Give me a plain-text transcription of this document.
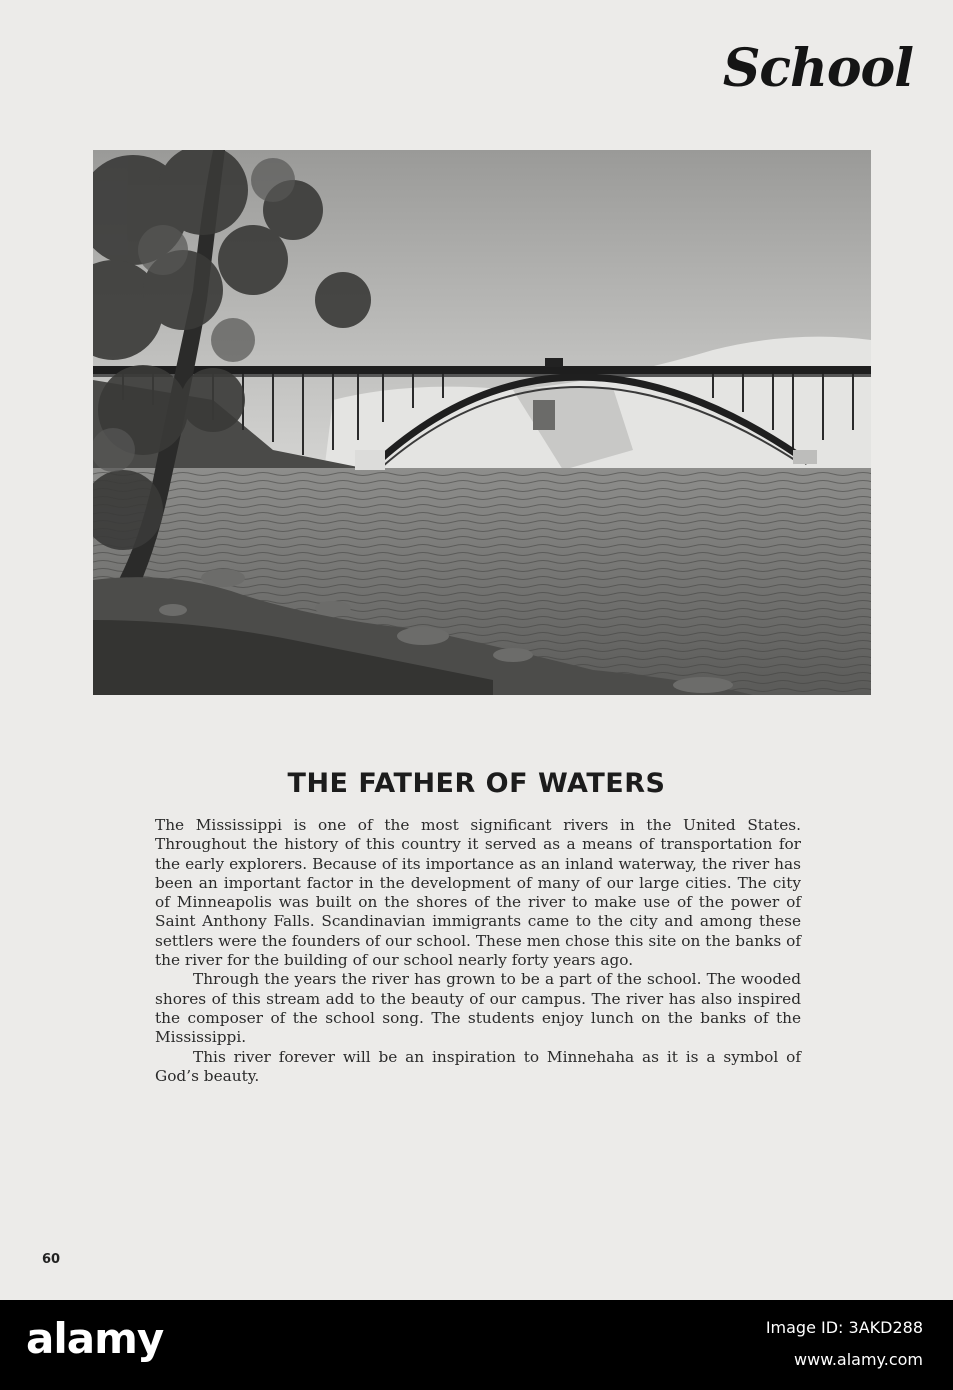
School
THE FATHER OF WATERS

The Mississippi is one of the most significant rivers in the United States. Throughout the history of this country it served as a means of transportation for the early explorers. Because of its importance as an inland waterway, the river has been an important factor in the development of many of our large cities. The city of Minneapolis was built on the shores of the river to make use of the power of Saint Anthony Falls. Scandinavian immigrants came to the city and among these settlers were the founders of our school. These men chose this site on the banks of the river for the building of our school nearly forty years ago.

Through the years the river has grown to be a part of the school. The wooded shores of this stream add to the beauty of our campus. The river has also inspired the composer of the school song. The students enjoy lunch on the banks of the Mississippi.

This river forever will be an inspiration to Minnehaha as it is a symbol of God’s beauty.

60
alamy	Image ID: 3AKD288
www.alamy.com
